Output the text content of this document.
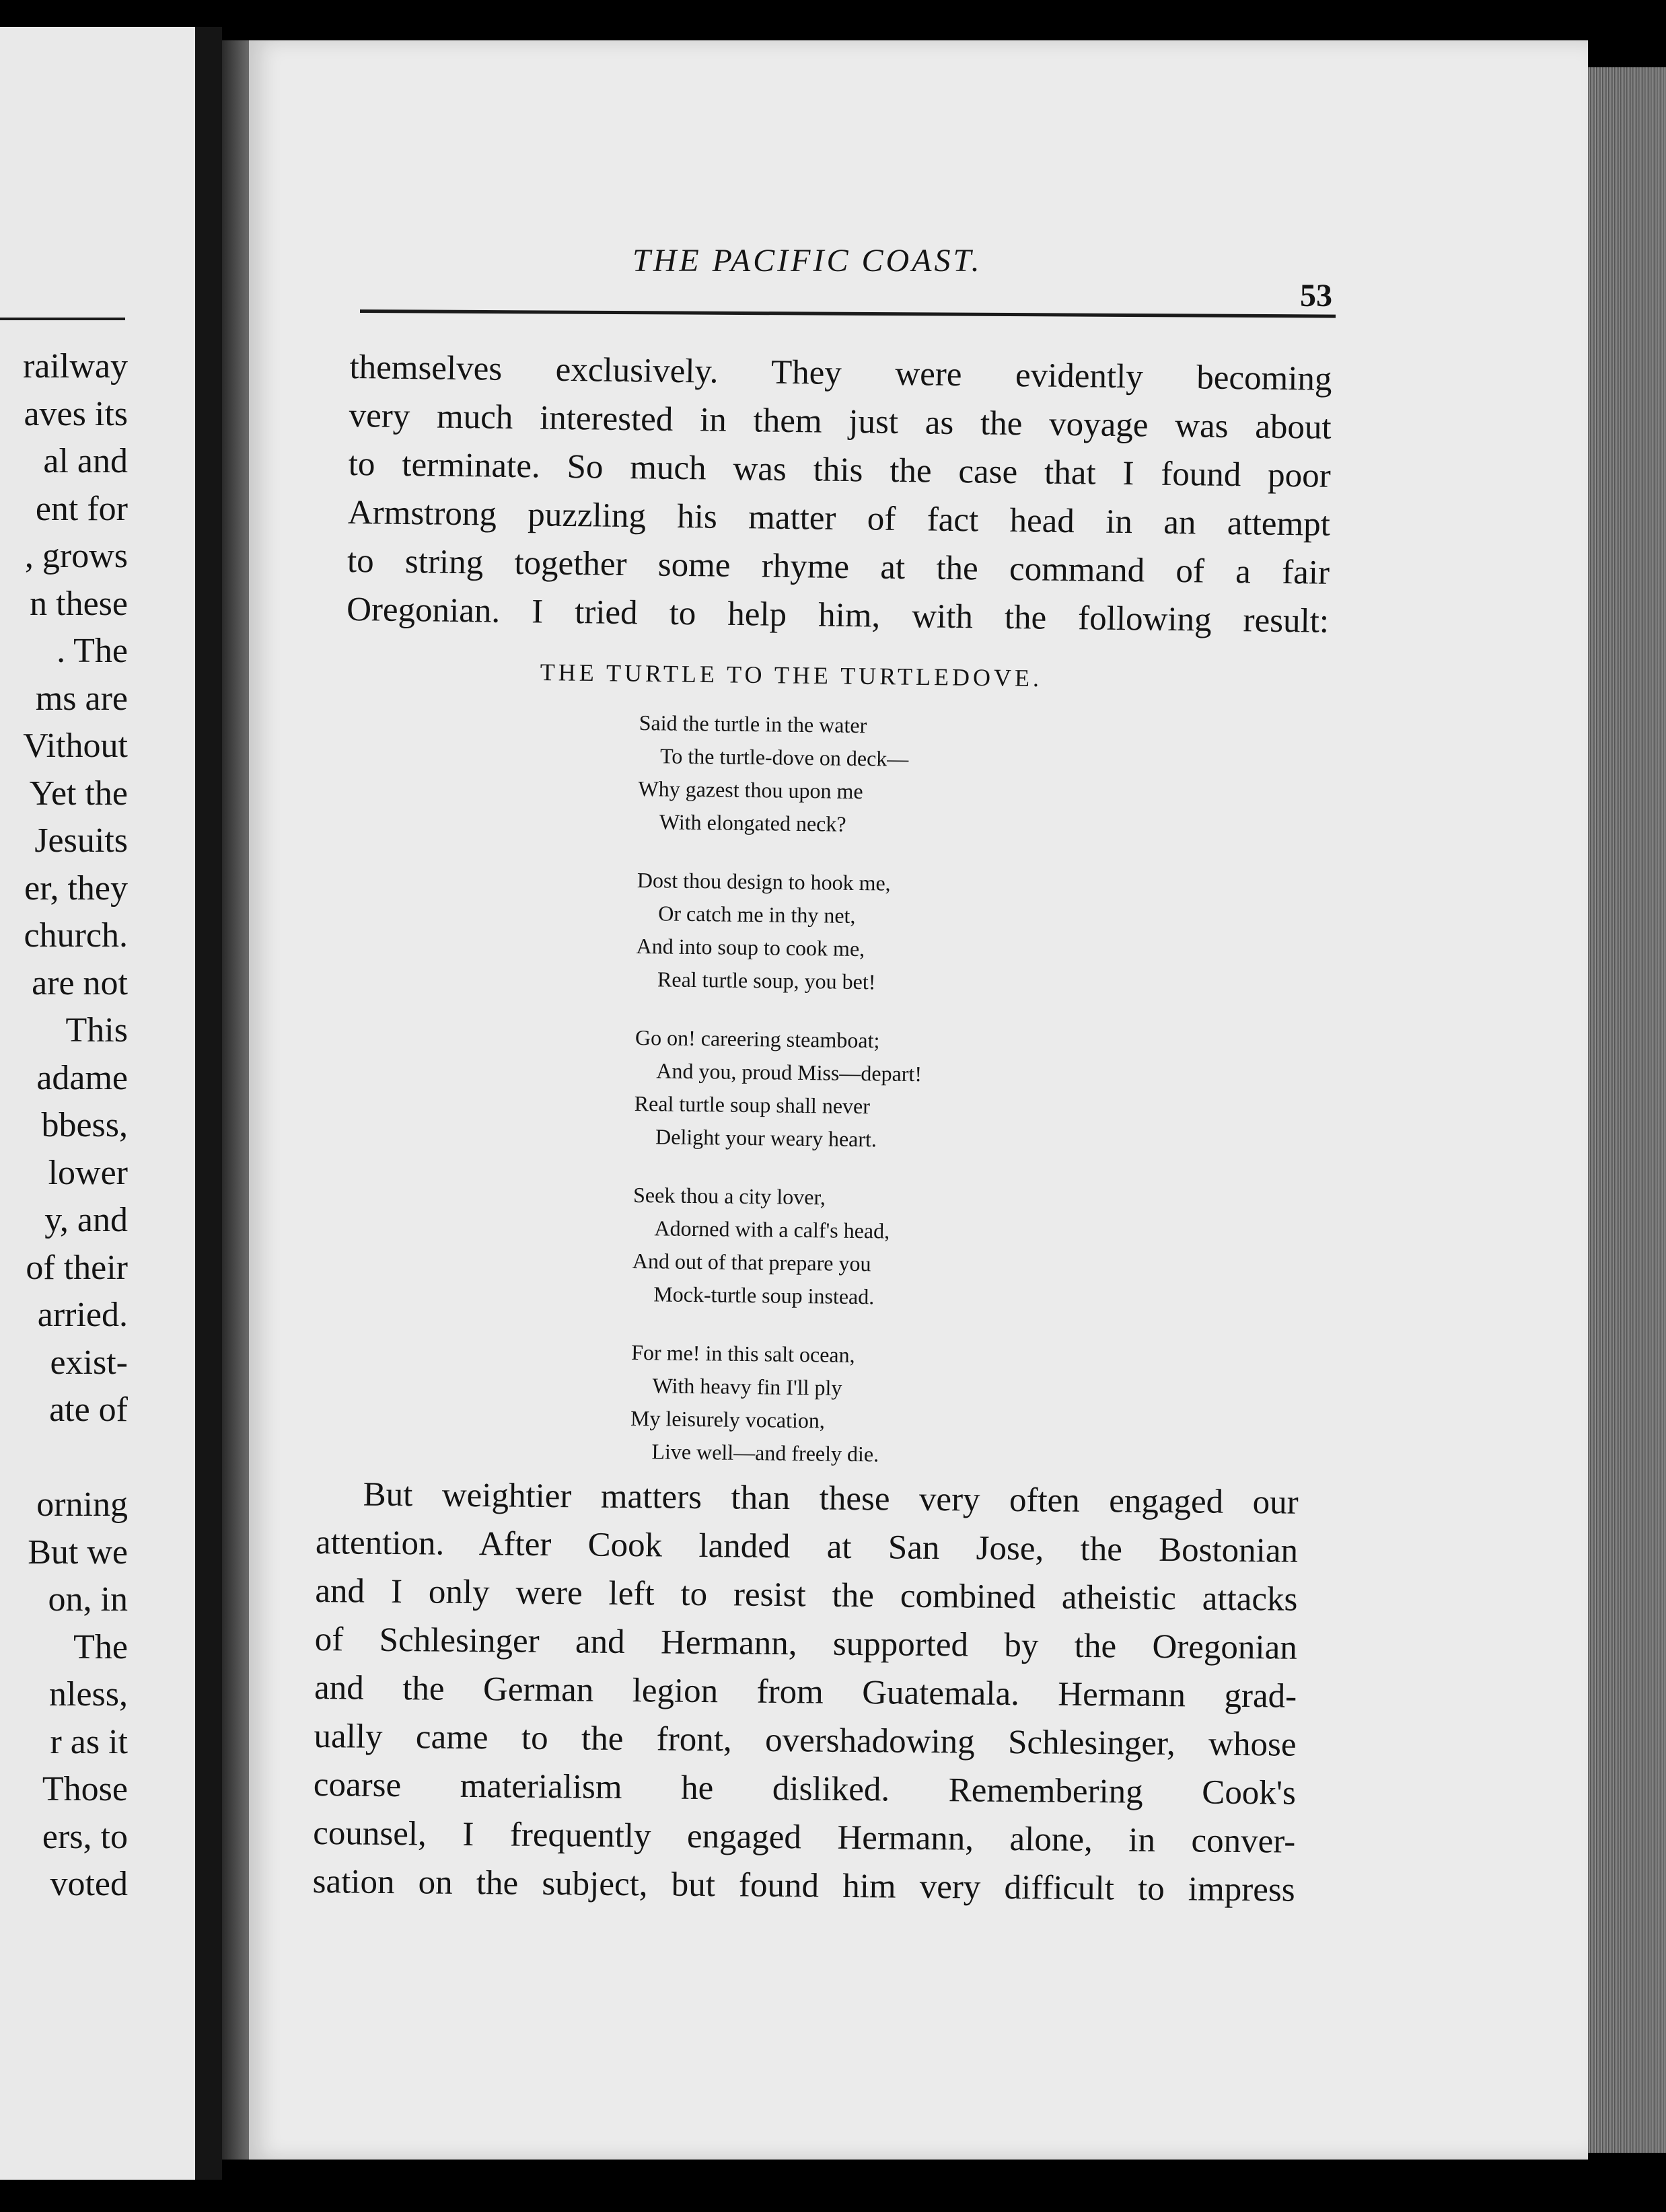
railway
aves its
al and
ent for
, grows
n these
. The
ms are
Vithout
Yet the
Jesuits
er, they
church.
are not
This
adame
bbess,
lower
y, and
of their
arried.
exist-
ate of
orning
But we
on, in
The
nless,
r as it
Those
ers, to
voted
THE PACIFIC COAST.
53
themselves exclusively. They were evidently becoming
very much interested in them just as the voyage was about
to terminate. So much was this the case that I found poor
Armstrong puzzling his matter of fact head in an attempt
to string together some rhyme at the command of a fair
Oregonian. I tried to help him, with the following result:
THE TURTLE TO THE TURTLEDOVE.
Said the turtle in the water
To the turtle-dove on deck—
Why gazest thou upon me
With elongated neck?
Dost thou design to hook me,
Or catch me in thy net,
And into soup to cook me,
Real turtle soup, you bet!
Go on! careering steamboat;
And you, proud Miss—depart!
Real turtle soup shall never
Delight your weary heart.
Seek thou a city lover,
Adorned with a calf's head,
And out of that prepare you
Mock-turtle soup instead.
For me! in this salt ocean,
With heavy fin I'll ply
My leisurely vocation,
Live well—and freely die.
But weightier matters than these very often engaged our
attention. After Cook landed at San Jose, the Bostonian
and I only were left to resist the combined atheistic attacks
of Schlesinger and Hermann, supported by the Oregonian
and the German legion from Guatemala. Hermann grad-
ually came to the front, overshadowing Schlesinger, whose
coarse materialism he disliked. Remembering Cook's
counsel, I frequently engaged Hermann, alone, in conver-
sation on the subject, but found him very difficult to impress
